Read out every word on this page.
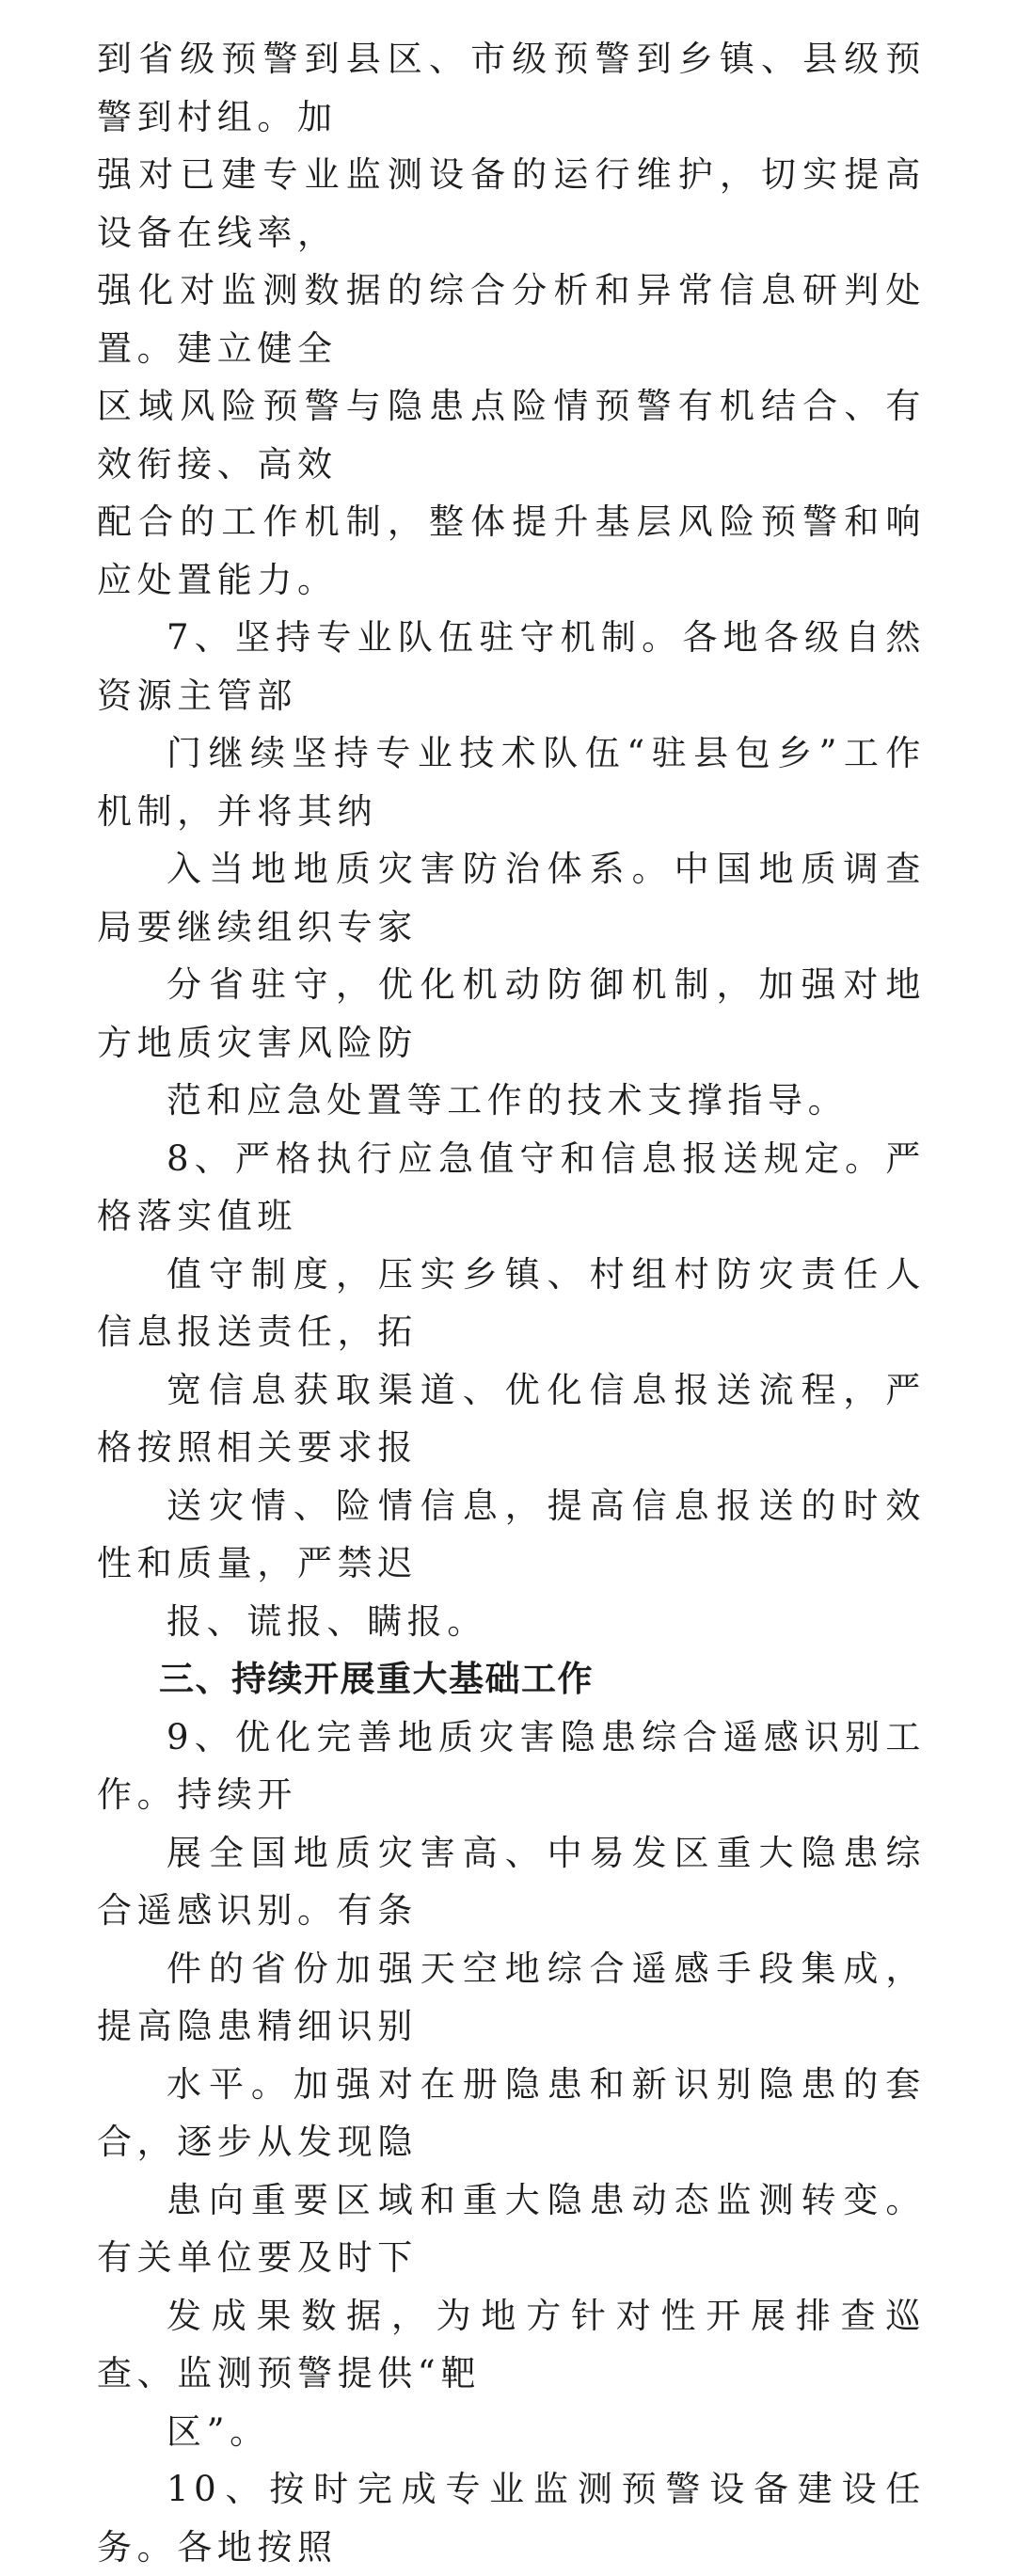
到省级预警到县区、市级预警到乡镇、县级预警到村组。加
强对已建专业监测设备的运行维护，切实提高设备在线率，
强化对监测数据的综合分析和异常信息研判处置。建立健全
区域风险预警与隐患点险情预警有机结合、有效衔接、高效
配合的工作机制，整体提升基层风险预警和响应处置能力。

7、坚持专业队伍驻守机制。各地各级自然资源主管部
门继续坚持专业技术队伍“驻县包乡”工作机制，并将其纳
入当地地质灾害防治体系。中国地质调查局要继续组织专家
分省驻守，优化机动防御机制，加强对地方地质灾害风险防
范和应急处置等工作的技术支撑指导。

8、严格执行应急值守和信息报送规定。严格落实值班
值守制度，压实乡镇、村组村防灾责任人信息报送责任，拓
宽信息获取渠道、优化信息报送流程，严格按照相关要求报
送灾情、险情信息，提高信息报送的时效性和质量，严禁迟
报、谎报、瞒报。

三、持续开展重大基础工作

9、优化完善地质灾害隐患综合遥感识别工作。持续开
展全国地质灾害高、中易发区重大隐患综合遥感识别。有条
件的省份加强天空地综合遥感手段集成，提高隐患精细识别
水平。加强对在册隐患和新识别隐患的套合，逐步从发现隐
患向重要区域和重大隐患动态监测转变。有关单位要及时下
发成果数据，为地方针对性开展排查巡查、监测预警提供“靶
区”。

10、按时完成专业监测预警设备建设任务。各地按照
